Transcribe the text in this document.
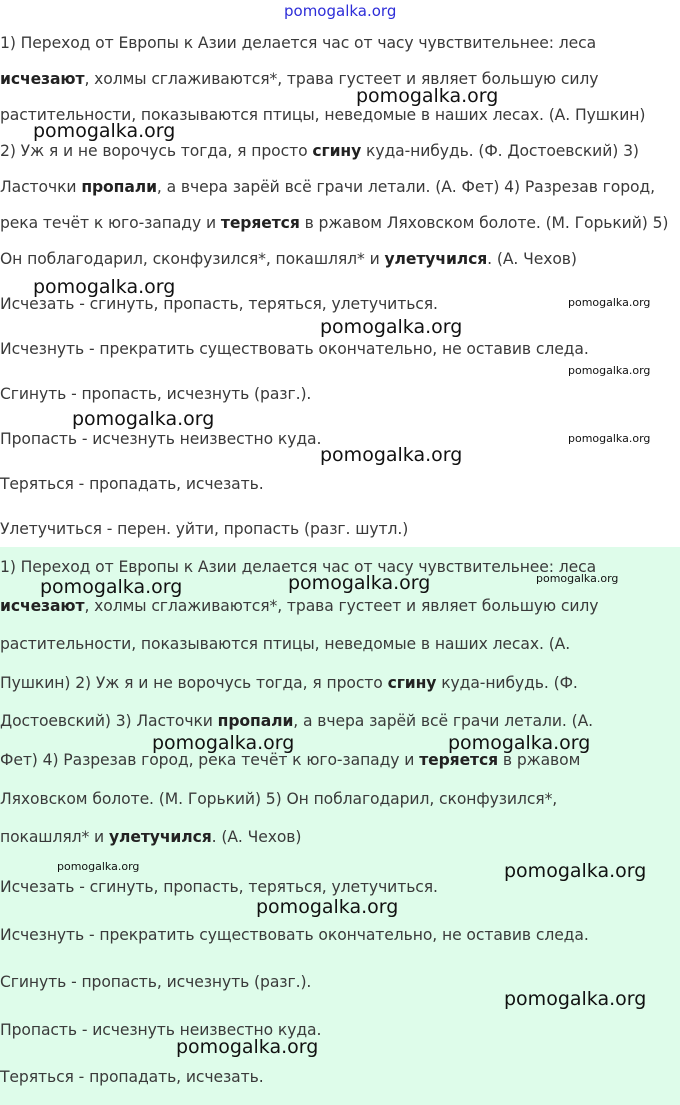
1) Переход от Европы к Азии делается час от часу чувствительнее: леса
исчезают, холмы сглаживаются*, трава густеет и являет большую силу
растительности, показываются птицы, неведомые в наших лесах. (А. Пушкин)
2) Уж я и не ворочусь тогда, я просто сгину куда-нибудь. (Ф. Достоевский) 3)
Ласточки пропали, а вчера зарёй всё грачи летали. (А. Фет) 4) Разрезав город,
река течёт к юго-западу и теряется в ржавом Ляховском болоте. (М. Горький) 5)
Он поблагодарил, сконфузился*, покашлял* и улетучился. (А. Чехов)
Исчезать - сгинуть, пропасть, теряться, улетучиться.
Исчезнуть - прекратить существовать окончательно, не оставив следа.
Сгинуть - пропасть, исчезнуть (разг.).
Пропасть - исчезнуть неизвестно куда.
Теряться - пропадать, исчезать.
Улетучиться - перен. уйти, пропасть (разг. шутл.)
1) Переход от Европы к Азии делается час от часу чувствительнее: леса
исчезают, холмы сглаживаются*, трава густеет и являет большую силу
растительности, показываются птицы, неведомые в наших лесах. (А.
Пушкин) 2) Уж я и не ворочусь тогда, я просто сгину куда-нибудь. (Ф.
Достоевский) 3) Ласточки пропали, а вчера зарёй всё грачи летали. (А.
Фет) 4) Разрезав город, река течёт к юго-западу и теряется в ржавом
Ляховском болоте. (М. Горький) 5) Он поблагодарил, сконфузился*,
покашлял* и улетучился. (А. Чехов)
Исчезать - сгинуть, пропасть, теряться, улетучиться.
Исчезнуть - прекратить существовать окончательно, не оставив следа.
Сгинуть - пропасть, исчезнуть (разг.).
Пропасть - исчезнуть неизвестно куда.
Теряться - пропадать, исчезать.
pomogalka.org
pomogalka.org
pomogalka.org
pomogalka.org
pomogalka.org
pomogalka.org
pomogalka.org
pomogalka.org
pomogalka.org
pomogalka.org
pomogalka.org	pomogalka.org	pomogalka.org
pomogalka.org	pomogalka.org
pomogalka.org	pomogalka.org
pomogalka.org
pomogalka.org
pomogalka.org
